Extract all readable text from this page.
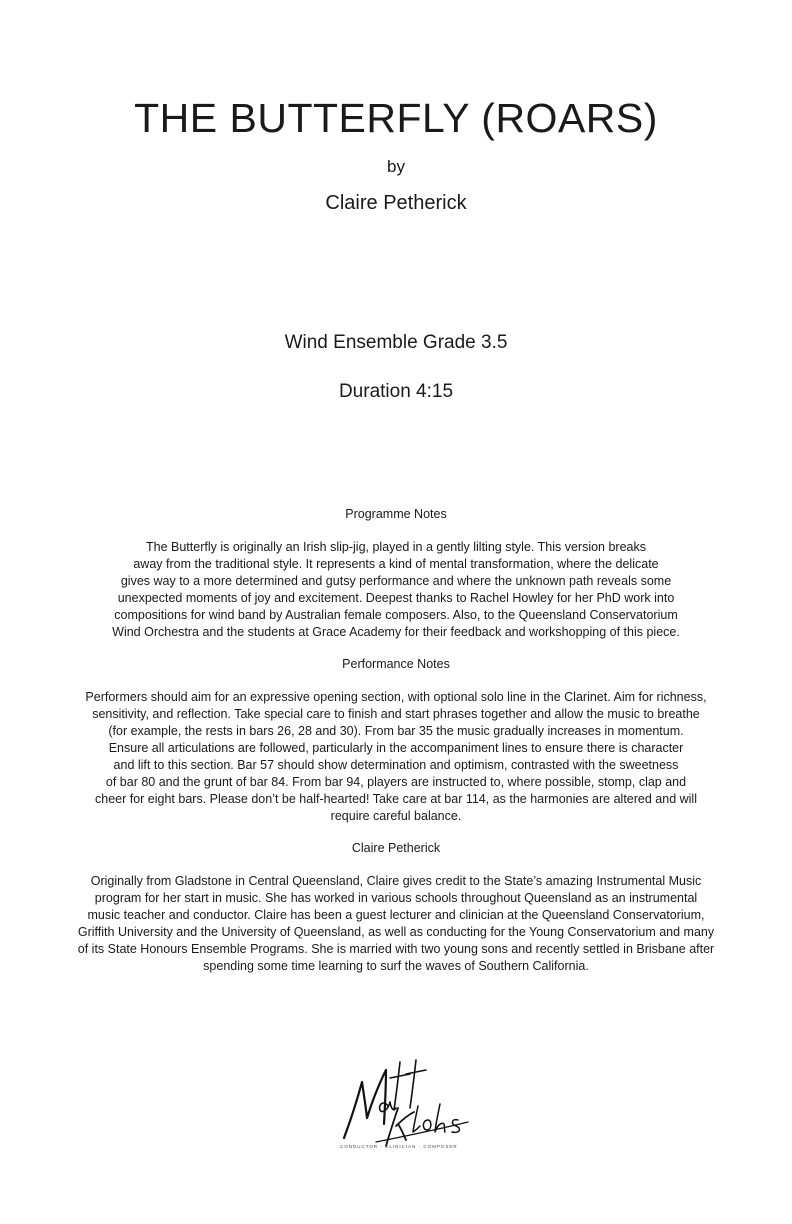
THE BUTTERFLY (ROARS)
by
Claire Petherick
Wind Ensemble Grade 3.5
Duration 4:15
Programme Notes

The Butterfly is originally an Irish slip-jig, played in a gently lilting style. This version breaks
away from the traditional style. It represents a kind of mental transformation, where the delicate
gives way to a more determined and gutsy performance and where the unknown path reveals some
unexpected moments of joy and excitement. Deepest thanks to Rachel Howley for her PhD work into
compositions for wind band by Australian female composers. Also, to the Queensland Conservatorium
Wind Orchestra and the students at Grace Academy for their feedback and workshopping of this piece.

Performance Notes

Performers should aim for an expressive opening section, with optional solo line in the Clarinet. Aim for richness,
sensitivity, and reflection. Take special care to finish and start phrases together and allow the music to breathe
(for example, the rests in bars 26, 28 and 30). From bar 35 the music gradually increases in momentum.
Ensure all articulations are followed, particularly in the accompaniment lines to ensure there is character
and lift to this section. Bar 57 should show determination and optimism, contrasted with the sweetness
of bar 80 and the grunt of bar 84. From bar 94, players are instructed to, where possible, stomp, clap and
cheer for eight bars. Please don’t be half-hearted! Take care at bar 114, as the harmonies are altered and will
require careful balance.

Claire Petherick

Originally from Gladstone in Central Queensland, Claire gives credit to the State’s amazing Instrumental Music
program for her start in music. She has worked in various schools throughout Queensland as an instrumental
music teacher and conductor. Claire has been a guest lecturer and clinician at the Queensland Conservatorium,
Griffith University and the University of Queensland, as well as conducting for the Young Conservatorium and many
of its State Honours Ensemble Programs. She is married with two young sons and recently settled in Brisbane after
spending some time learning to surf the waves of Southern California.

CONDUCTOR · CLINICIAN · COMPOSER
